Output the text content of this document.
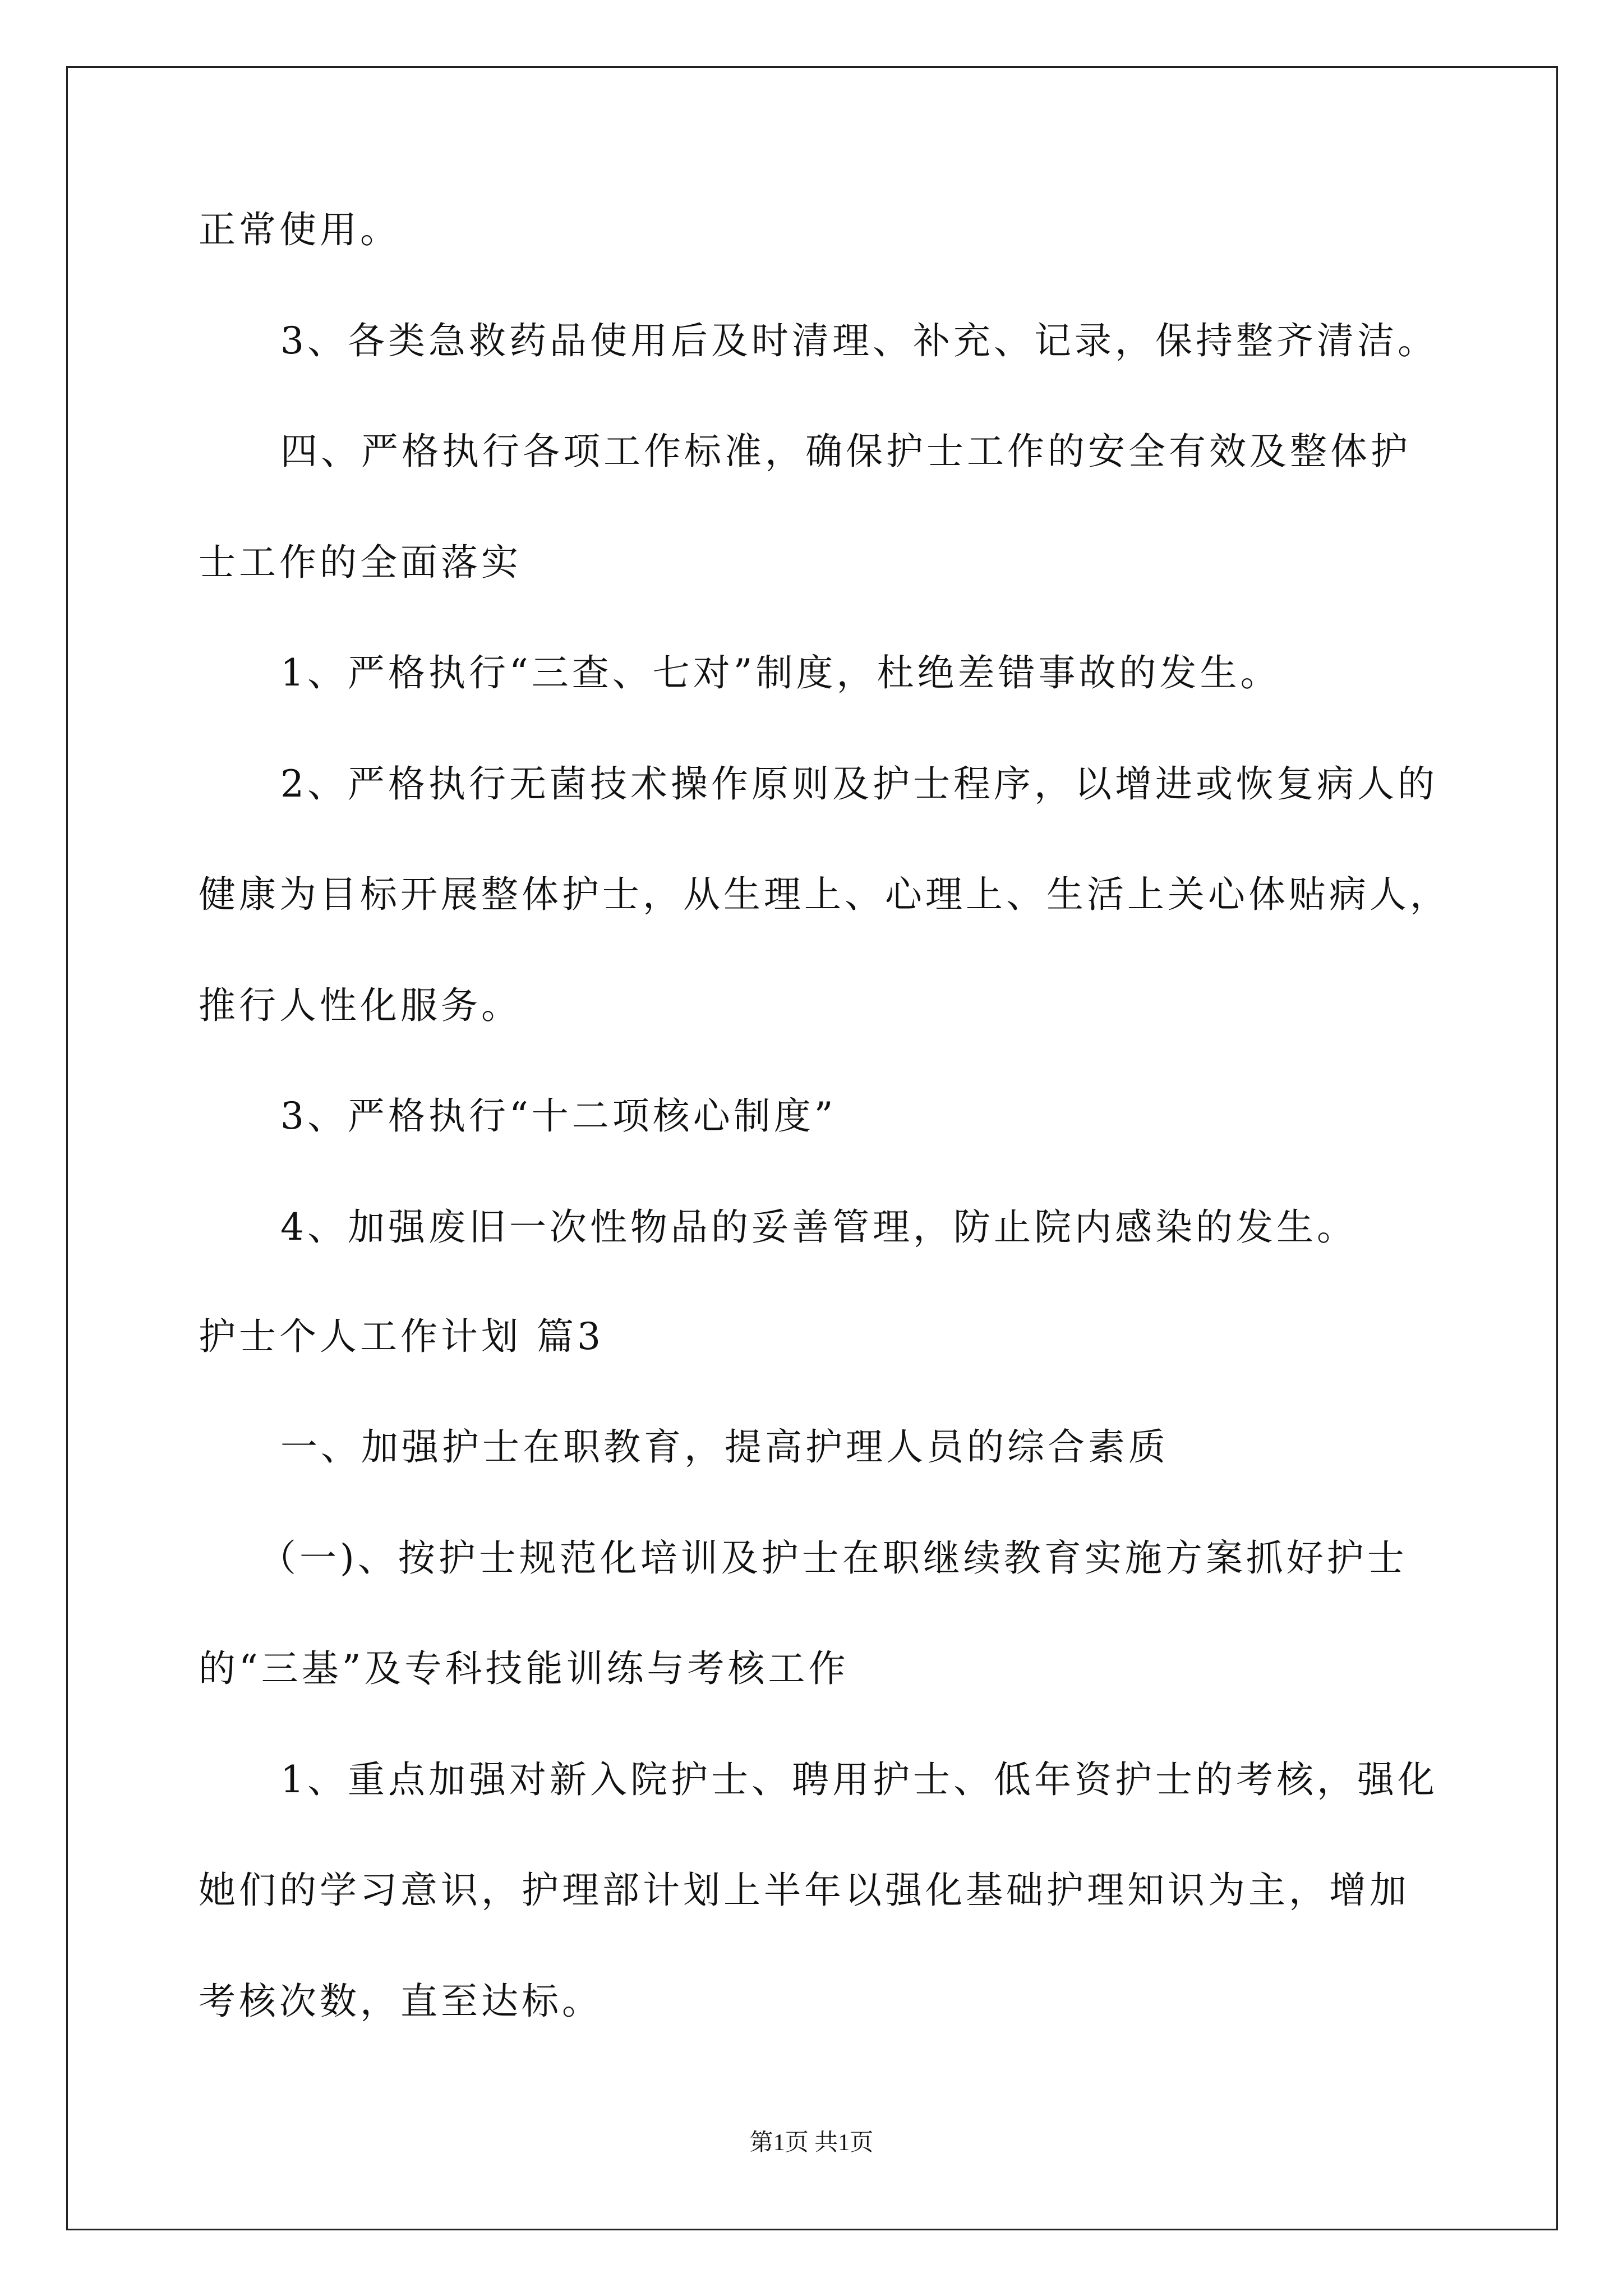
正常使用。
3、各类急救药品使用后及时清理、补充、记录，保持整齐清洁。
四、严格执行各项工作标准，确保护士工作的安全有效及整体护
士工作的全面落实
1、严格执行“三查、七对”制度，杜绝差错事故的发生。
2、严格执行无菌技术操作原则及护士程序，以增进或恢复病人的
健康为目标开展整体护士，从生理上、心理上、生活上关心体贴病人，
推行人性化服务。
3、严格执行“十二项核心制度”
4、加强废旧一次性物品的妥善管理，防止院内感染的发生。
护士个人工作计划 篇3
一、加强护士在职教育，提高护理人员的综合素质
（一)、按护士规范化培训及护士在职继续教育实施方案抓好护士
的“三基”及专科技能训练与考核工作
1、重点加强对新入院护士、聘用护士、低年资护士的考核，强化
她们的学习意识，护理部计划上半年以强化基础护理知识为主，增加
考核次数，直至达标。
第1页 共1页
